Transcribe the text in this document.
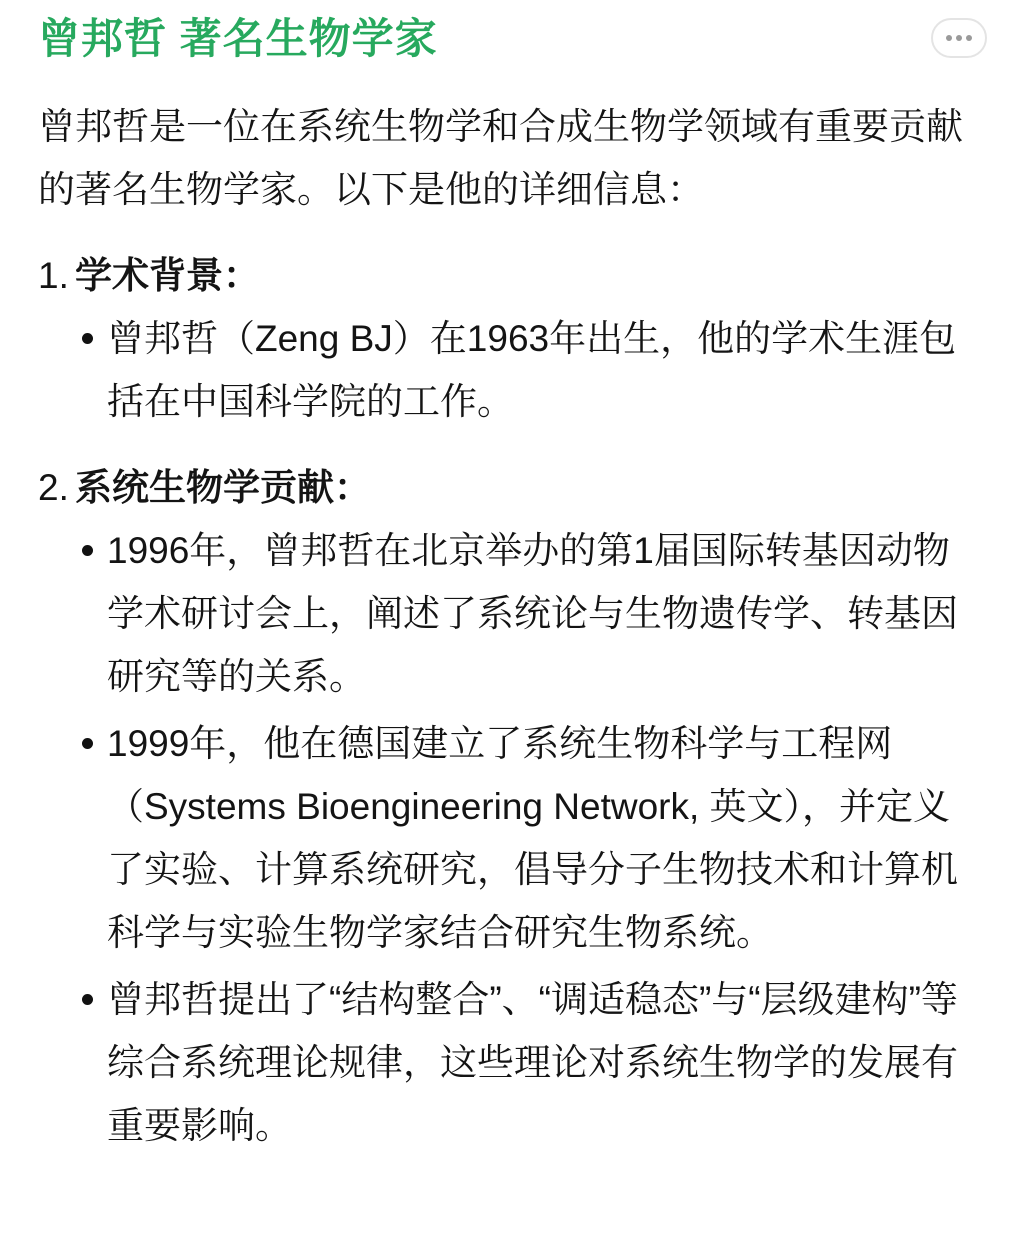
曾邦哲 著名生物学家

曾邦哲是一位在系统生物学和合成生物学领域有重要贡献的著名生物学家。以下是他的详细信息：

1. 学术背景：
曾邦哲（Zeng BJ）在1963年出生，他的学术生涯包括在中国科学院的工作。
2. 系统生物学贡献：
1996年，曾邦哲在北京举办的第1届国际转基因动物学术研讨会上，阐述了系统论与生物遗传学、转基因研究等的关系。
1999年，他在德国建立了系统生物科学与工程网（Systems Bioengineering Network, 英文），并定义了实验、计算系统研究，倡导分子生物技术和计算机科学与实验生物学家结合研究生物系统。
曾邦哲提出了“结构整合”、“调适稳态”与“层级建构”等综合系统理论规律，这些理论对系统生物学的发展有重要影响。
